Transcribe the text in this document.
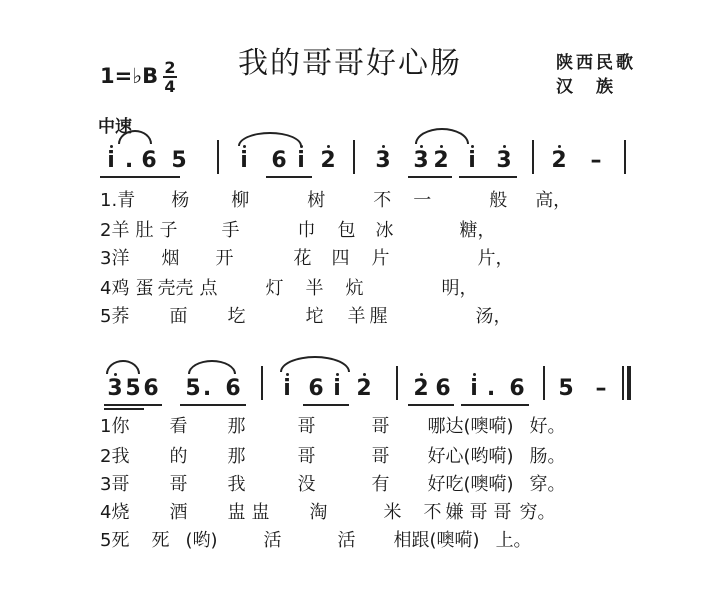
我的哥哥好心肠	陕西民歌
汉　族
1=♭B 2
4
中速
i . 6 5	i	6 i 2 3 3 2 i 3 2 –
1.青 杨 柳	树	不 一	般 高，
2羊 肚 子 手	巾 包 冰	糖，
3洋 烟 开	花 四 片	片，
4鸡 蛋 壳壳 点	灯 半 炕	明，
5荞 面 圪	坨 羊 腥	汤，
3 5 6 5 . 6	i 6 i 2 2 6 i . 6 5 –
1你 看 那	哥	哥 哪达(噢嗬) 好。
2我 的 那	哥	哥 好心(哟嗬) 肠。
3哥 哥 我	没	有 好吃(噢嗬) 穿。
4烧 酒 盅 盅 淘	米 不 嫌 哥 哥 穷。
5死 死 (哟)	活	活 相跟(噢嗬) 上。
